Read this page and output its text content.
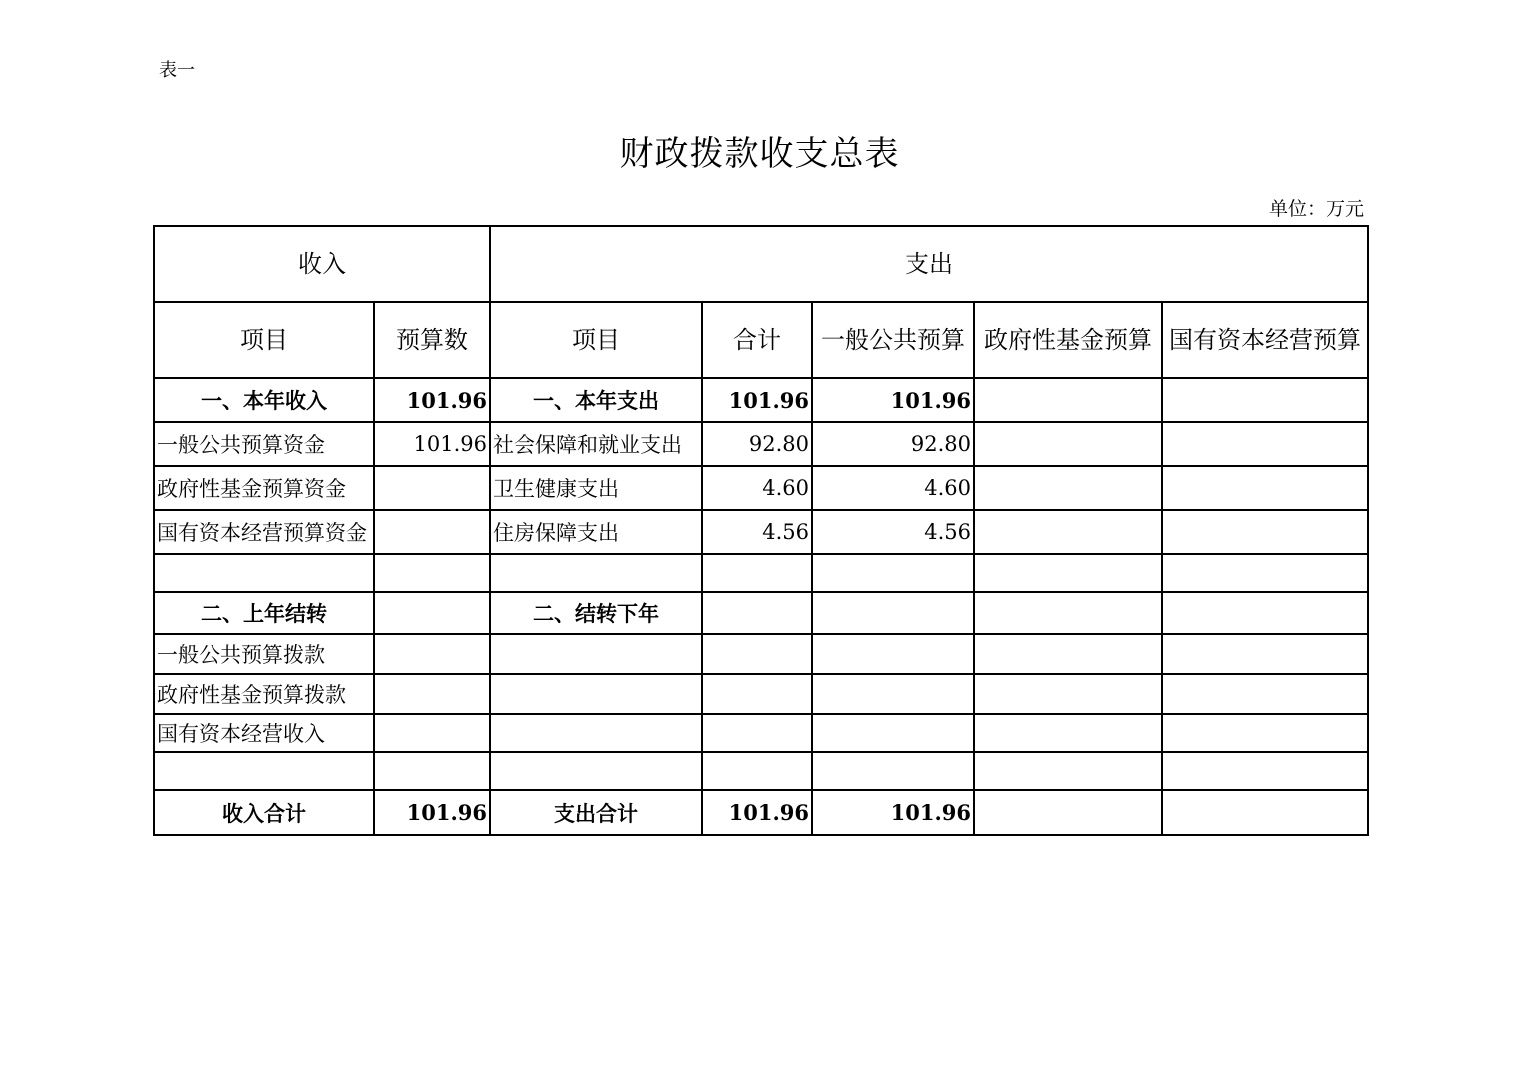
表一
财政拨款收支总表
单位：万元
收入		支出				
项目	预算数	项目	合计	一般公共预算	政府性基金预算	国有资本经营预算
一、本年收入	101.96	一、本年支出	101.96	101.96		
一般公共预算资金	101.96	社会保障和就业支出	92.80	92.80		
政府性基金预算资金		卫生健康支出	4.60	4.60		
国有资本经营预算资金		住房保障支出	4.56	4.56		

二、上年结转		二、结转下年				
一般公共预算拨款						
政府性基金预算拨款						
国有资本经营收入						

收入合计	101.96	支出合计	101.96	101.96		
